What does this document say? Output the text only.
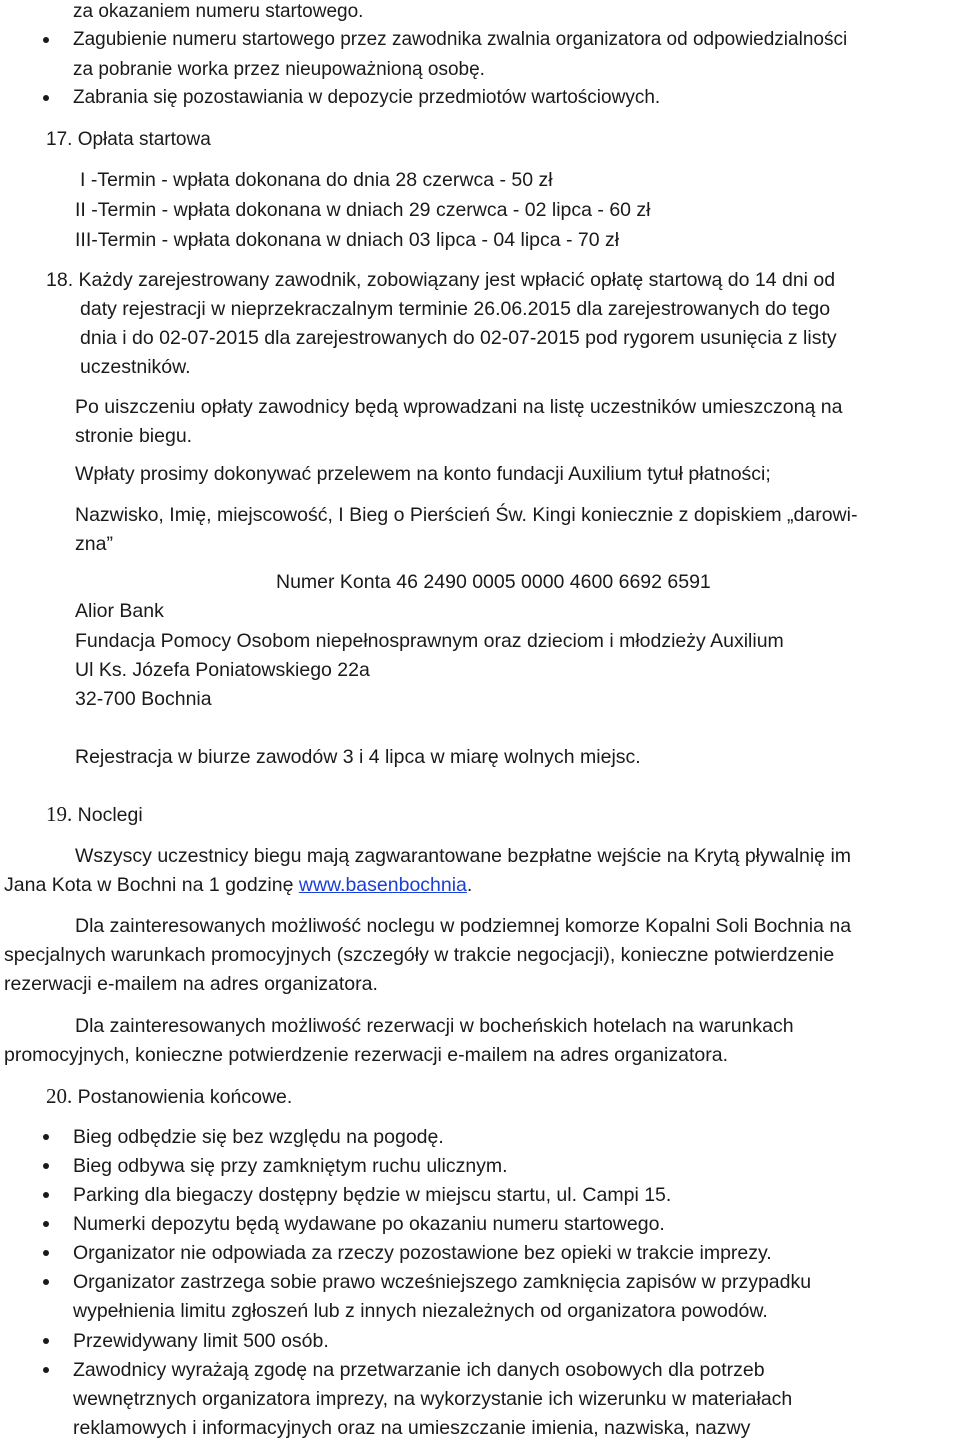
za okazaniem numeru startowego.
Zagubienie numeru startowego przez zawodnika zwalnia organizatora od odpowiedzialności
za pobranie worka przez nieupoważnioną osobę.
Zabrania się pozostawiania w depozycie przedmiotów wartościowych.
17. Opłata startowa
I -Termin - wpłata dokonana do dnia 28 czerwca - 50 zł
II -Termin - wpłata dokonana w dniach 29 czerwca - 02 lipca - 60 zł
III-Termin - wpłata dokonana w dniach 03 lipca - 04 lipca - 70 zł
18. Każdy zarejestrowany zawodnik, zobowiązany jest wpłacić opłatę startową do 14 dni od
daty rejestracji w nieprzekraczalnym terminie 26.06.2015 dla zarejestrowanych do tego
dnia i do 02-07-2015 dla zarejestrowanych do 02-07-2015 pod rygorem usunięcia z listy
uczestników.
Po uiszczeniu opłaty zawodnicy będą wprowadzani na listę uczestników umieszczoną na
stronie biegu.
Wpłaty prosimy dokonywać przelewem na konto fundacji Auxilium tytuł płatności;
Nazwisko, Imię, miejscowość, I Bieg o Pierścień Św. Kingi koniecznie z dopiskiem „darowi-
zna”
Numer Konta 46 2490 0005 0000 4600 6692 6591
Alior Bank
Fundacja Pomocy Osobom niepełnosprawnym oraz dzieciom i młodzieży Auxilium
Ul Ks. Józefa Poniatowskiego 22a
32-700 Bochnia
Rejestracja w biurze zawodów 3 i 4 lipca w miarę wolnych miejsc.
19. Noclegi
Wszyscy uczestnicy biegu mają zagwarantowane bezpłatne wejście na Krytą pływalnię im
Jana Kota w Bochni na 1 godzinę www.basenbochnia.
Dla zainteresowanych możliwość noclegu w podziemnej komorze Kopalni Soli Bochnia na
specjalnych warunkach promocyjnych (szczegóły w trakcie negocjacji), konieczne potwierdzenie
rezerwacji e-mailem na adres organizatora.
Dla zainteresowanych możliwość rezerwacji w bocheńskich hotelach na warunkach
promocyjnych, konieczne potwierdzenie rezerwacji e-mailem na adres organizatora.
20. Postanowienia końcowe.
Bieg odbędzie się bez względu na pogodę.
Bieg odbywa się przy zamkniętym ruchu ulicznym.
Parking dla biegaczy dostępny będzie w miejscu startu, ul. Campi 15.
Numerki depozytu będą wydawane po okazaniu numeru startowego.
Organizator nie odpowiada za rzeczy pozostawione bez opieki w trakcie imprezy.
Organizator zastrzega sobie prawo wcześniejszego zamknięcia zapisów w przypadku
wypełnienia limitu zgłoszeń lub z innych niezależnych od organizatora powodów.
Przewidywany limit 500 osób.
Zawodnicy wyrażają zgodę na przetwarzanie ich danych osobowych dla potrzeb
wewnętrznych organizatora imprezy, na wykorzystanie ich wizerunku w materiałach
reklamowych i informacyjnych oraz na umieszczanie imienia, nazwiska, nazwy
